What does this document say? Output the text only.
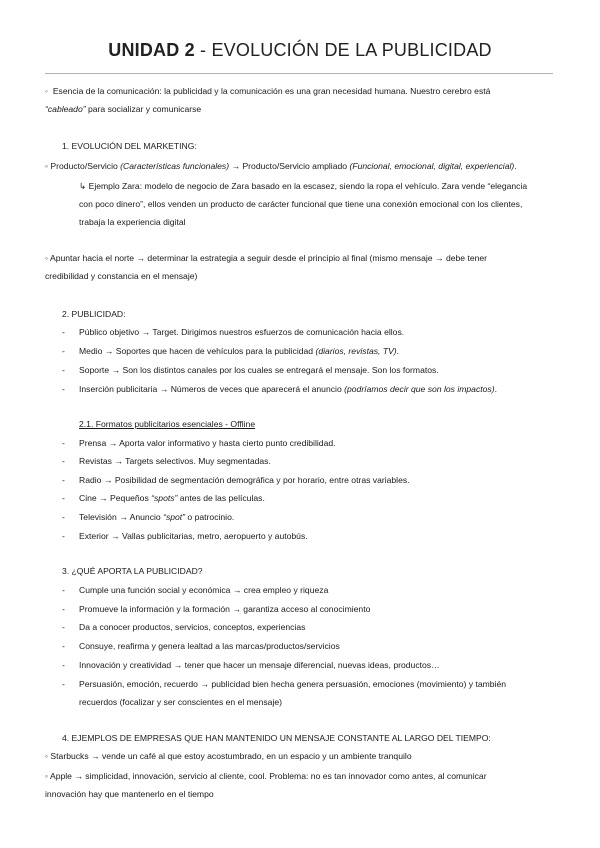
UNIDAD 2 - EVOLUCIÓN DE LA PUBLICIDAD
◦ Esencia de la comunicación: la publicidad y la comunicación es una gran necesidad humana. Nuestro cerebro está
“cableado” para socializar y comunicarse
1. EVOLUCIÓN DEL MARKETING:
◦ Producto/Servicio (Características funcionales) → Producto/Servicio ampliado (Funcional, emocional, digital, experiencial).
↳ Ejemplo Zara: modelo de negocio de Zara basado en la escasez, siendo la ropa el vehículo. Zara vende “elegancia
con poco dinero”, ellos venden un producto de carácter funcional que tiene una conexión emocional con los clientes,
trabaja la experiencia digital
◦ Apuntar hacia el norte → determinar la estrategia a seguir desde el principio al final (mismo mensaje → debe tener
credibilidad y constancia en el mensaje)
2. PUBLICIDAD:
- Público objetivo → Target. Dirigimos nuestros esfuerzos de comunicación hacia ellos.
- Medio → Soportes que hacen de vehículos para la publicidad (diarios, revistas, TV).
- Soporte → Son los distintos canales por los cuales se entregará el mensaje. Son los formatos.
- Inserción publicitaria → Números de veces que aparecerá el anuncio (podríamos decir que son los impactos).
2.1. Formatos publicitarios esenciales - Offline
- Prensa → Aporta valor informativo y hasta cierto punto credibilidad.
- Revistas → Targets selectivos. Muy segmentadas.
- Radio → Posibilidad de segmentación demográfica y por horario, entre otras variables.
- Cine → Pequeños “spots” antes de las películas.
- Televisión → Anuncio “spot” o patrocinio.
- Exterior → Vallas publicitarias, metro, aeropuerto y autobús.
3. ¿QUÉ APORTA LA PUBLICIDAD?
- Cumple una función social y económica → crea empleo y riqueza
- Promueve la información y la formación → garantiza acceso al conocimiento
- Da a conocer productos, servicios, conceptos, experiencias
- Consuye, reafirma y genera lealtad a las marcas/productos/servicios
- Innovación y creatividad → tener que hacer un mensaje diferencial, nuevas ideas, productos…
- Persuasión, emoción, recuerdo → publicidad bien hecha genera persuasión, emociones (movimiento) y también
recuerdos (focalizar y ser conscientes en el mensaje)
4. EJEMPLOS DE EMPRESAS QUE HAN MANTENIDO UN MENSAJE CONSTANTE AL LARGO DEL TIEMPO:
◦ Starbucks → vende un café al que estoy acostumbrado, en un espacio y un ambiente tranquilo
◦ Apple → simplicidad, innovación, servicio al cliente, cool. Problema: no es tan innovador como antes, al comunicar
innovación hay que mantenerlo en el tiempo
